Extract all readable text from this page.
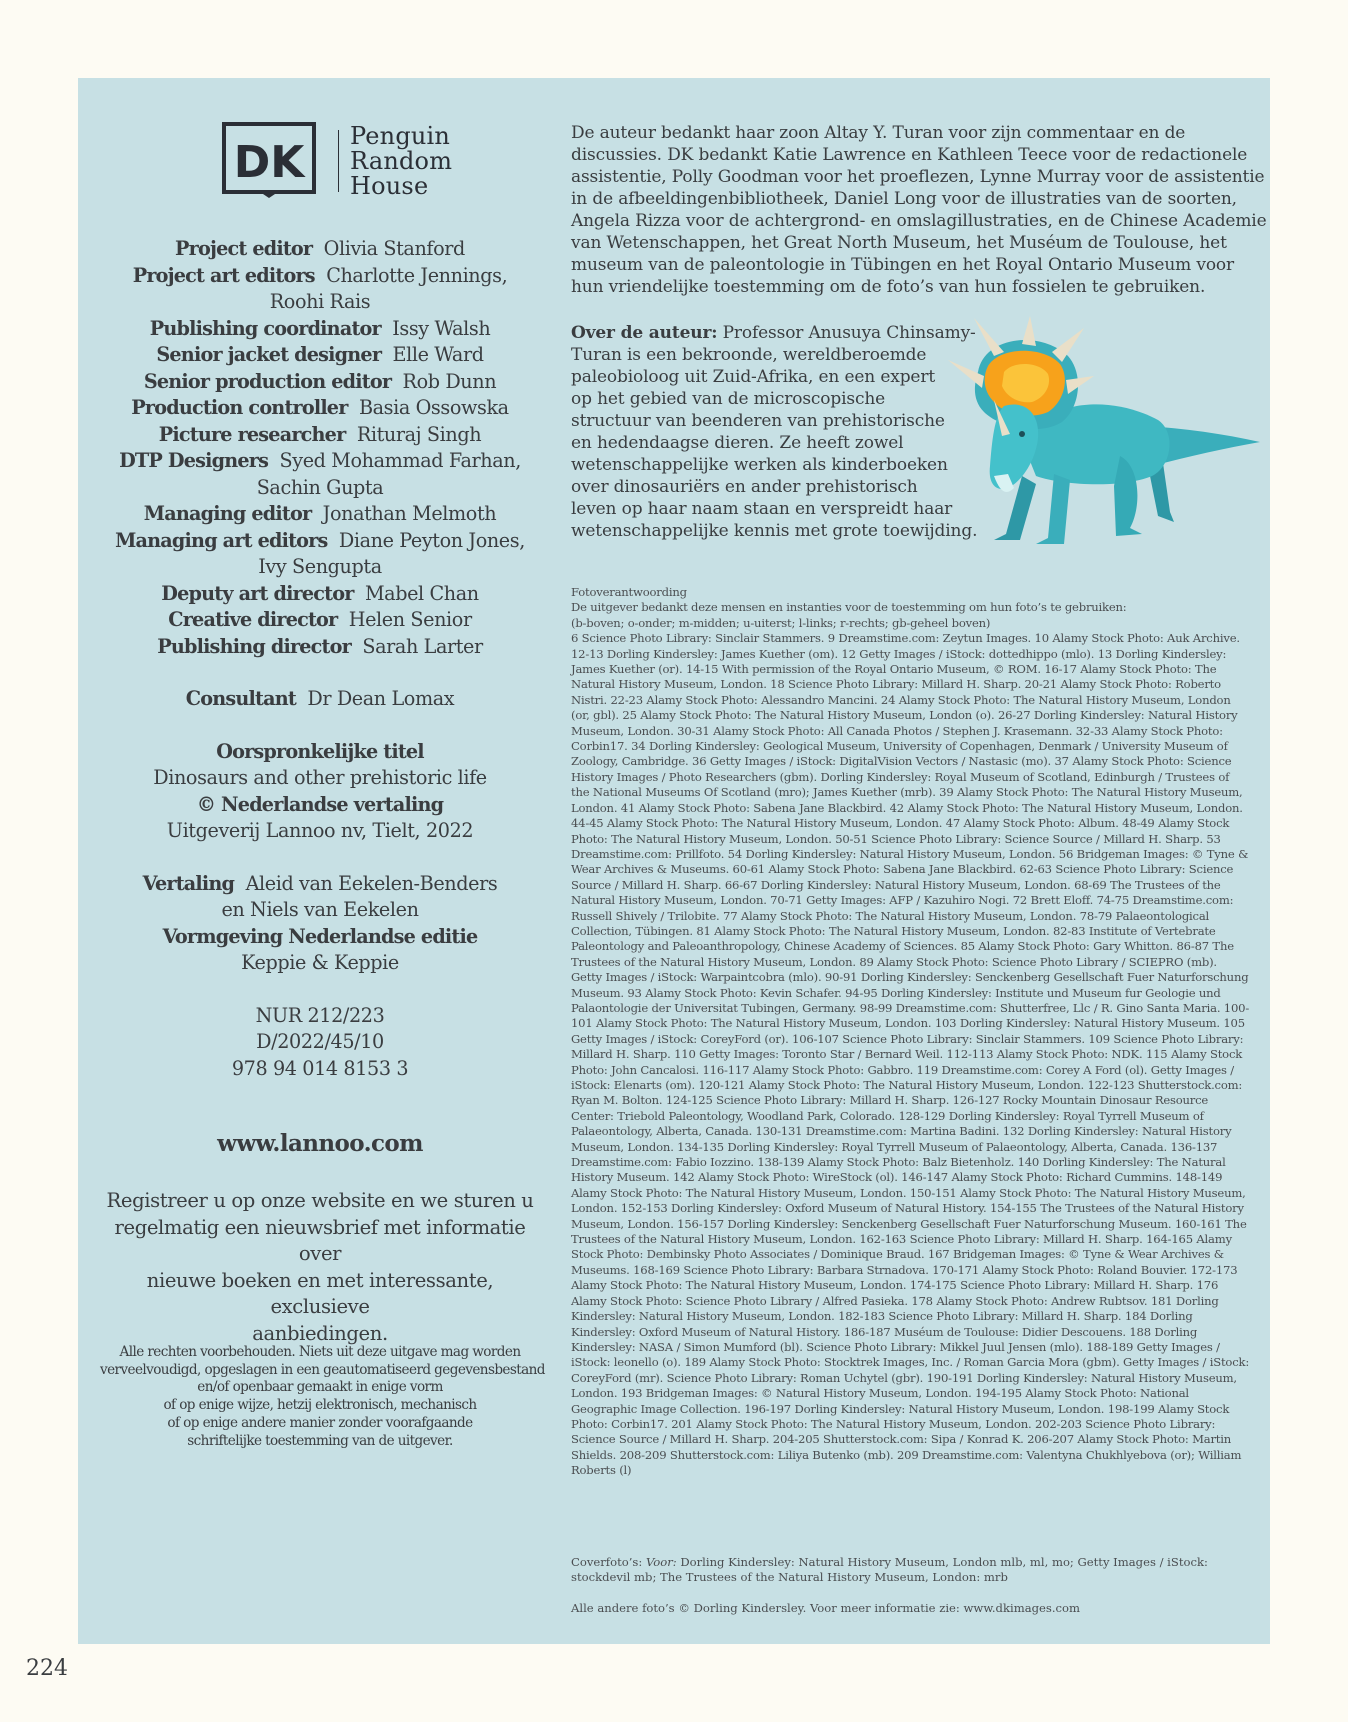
DK
Penguin
Random
House
Project editor Olivia Stanford
Project art editors Charlotte Jennings,
Roohi Rais
Publishing coordinator Issy Walsh
Senior jacket designer Elle Ward
Senior production editor Rob Dunn
Production controller Basia Ossowska
Picture researcher Rituraj Singh
DTP Designers Syed Mohammad Farhan,
Sachin Gupta
Managing editor Jonathan Melmoth
Managing art editors Diane Peyton Jones,
Ivy Sengupta
Deputy art director Mabel Chan
Creative director Helen Senior
Publishing director Sarah Larter
Consultant Dr Dean Lomax
Oorspronkelijke titel
Dinosaurs and other prehistoric life
© Nederlandse vertaling
Uitgeverij Lannoo nv, Tielt, 2022
Vertaling Aleid van Eekelen-Benders
en Niels van Eekelen
Vormgeving Nederlandse editie
Keppie & Keppie
NUR 212/223
D/2022/45/10
978 94 014 8153 3
www.lannoo.com
Registreer u op onze website en we sturen u
regelmatig een nieuwsbrief met informatie over
nieuwe boeken en met interessante, exclusieve
aanbiedingen.
Alle rechten voorbehouden. Niets uit deze uitgave mag worden
verveelvoudigd, opgeslagen in een geautomatiseerd gegevensbestand
en/of openbaar gemaakt in enige vorm
of op enige wijze, hetzij elektronisch, mechanisch
of op enige andere manier zonder voorafgaande
schriftelijke toestemming van de uitgever.
De auteur bedankt haar zoon Altay Y. Turan voor zijn commentaar en de
discussies. DK bedankt Katie Lawrence en Kathleen Teece voor de redactionele
assistentie, Polly Goodman voor het proeflezen, Lynne Murray voor de assistentie
in de afbeeldingenbibliotheek, Daniel Long voor de illustraties van de soorten,
Angela Rizza voor de achtergrond- en omslagillustraties, en de Chinese Academie
van Wetenschappen, het Great North Museum, het Muséum de Toulouse, het
museum van de paleontologie in Tübingen en het Royal Ontario Museum voor
hun vriendelijke toestemming om de foto’s van hun fossielen te gebruiken.
Over de auteur: Professor Anusuya Chinsamy-
Turan is een bekroonde, wereldberoemde
paleobioloog uit Zuid-Afrika, en een expert
op het gebied van de microscopische
structuur van beenderen van prehistorische
en hedendaagse dieren. Ze heeft zowel
wetenschappelijke werken als kinderboeken
over dinosauriërs en ander prehistorisch
leven op haar naam staan en verspreidt haar
wetenschappelijke kennis met grote toewijding.

Fotoverantwoording

De uitgever bedankt deze mensen en instanties voor de toestemming om hun foto’s te gebruiken:

(b-boven; o-onder; m-midden; u-uiterst; l-links; r-rechts; gb-geheel boven)

6 Science Photo Library: Sinclair Stammers. 9 Dreamstime.com: Zeytun Images. 10 Alamy Stock Photo: Auk Archive. 12-13 Dorling Kindersley: James Kuether (om). 12 Getty Images / iStock: dottedhippo (mlo). 13 Dorling Kindersley: James Kuether (or). 14-15 With permission of the Royal Ontario Museum, © ROM. 16-17 Alamy Stock Photo: The Natural History Museum, London. 18 Science Photo Library: Millard H. Sharp. 20-21 Alamy Stock Photo: Roberto Nistri. 22-23 Alamy Stock Photo: Alessandro Mancini. 24 Alamy Stock Photo: The Natural History Museum, London (or, gbl). 25 Alamy Stock Photo: The Natural History Museum, London (o). 26-27 Dorling Kindersley: Natural History Museum, London. 30-31 Alamy Stock Photo: All Canada Photos / Stephen J. Krasemann. 32-33 Alamy Stock Photo: Corbin17. 34 Dorling Kindersley: Geological Museum, University of Copenhagen, Denmark / University Museum of Zoology, Cambridge. 36 Getty Images / iStock: DigitalVision Vectors / Nastasic (mo). 37 Alamy Stock Photo: Science History Images / Photo Researchers (gbm). Dorling Kindersley: Royal Museum of Scotland, Edinburgh / Trustees of the National Museums Of Scotland (mro); James Kuether (mrb). 39 Alamy Stock Photo: The Natural History Museum, London. 41 Alamy Stock Photo: Sabena Jane Blackbird. 42 Alamy Stock Photo: The Natural History Museum, London. 44-45 Alamy Stock Photo: The Natural History Museum, London. 47 Alamy Stock Photo: Album. 48-49 Alamy Stock Photo: The Natural History Museum, London. 50-51 Science Photo Library: Science Source / Millard H. Sharp. 53 Dreamstime.com: Prillfoto. 54 Dorling Kindersley: Natural History Museum, London. 56 Bridgeman Images: © Tyne & Wear Archives & Museums. 60-61 Alamy Stock Photo: Sabena Jane Blackbird. 62-63 Science Photo Library: Science Source / Millard H. Sharp. 66-67 Dorling Kindersley: Natural History Museum, London. 68-69 The Trustees of the Natural History Museum, London. 70-71 Getty Images: AFP / Kazuhiro Nogi. 72 Brett Eloff. 74-75 Dreamstime.com: Russell Shively / Trilobite. 77 Alamy Stock Photo: The Natural History Museum, London. 78-79 Palaeontological Collection, Tübingen. 81 Alamy Stock Photo: The Natural History Museum, London. 82-83 Institute of Vertebrate Paleontology and Paleoanthropology, Chinese Academy of Sciences. 85 Alamy Stock Photo: Gary Whitton. 86-87 The Trustees of the Natural History Museum, London. 89 Alamy Stock Photo: Science Photo Library / SCIEPRO (mb). Getty Images / iStock: Warpaintcobra (mlo). 90-91 Dorling Kindersley: Senckenberg Gesellschaft Fuer Naturforschung Museum. 93 Alamy Stock Photo: Kevin Schafer. 94-95 Dorling Kindersley: Institute und Museum fur Geologie und Palaontologie der Universitat Tubingen, Germany. 98-99 Dreamstime.com: Shutterfree, Llc / R. Gino Santa Maria. 100-101 Alamy Stock Photo: The Natural History Museum, London. 103 Dorling Kindersley: Natural History Museum. 105 Getty Images / iStock: CoreyFord (or). 106-107 Science Photo Library: Sinclair Stammers. 109 Science Photo Library: Millard H. Sharp. 110 Getty Images: Toronto Star / Bernard Weil. 112-113 Alamy Stock Photo: NDK. 115 Alamy Stock Photo: John Cancalosi. 116-117 Alamy Stock Photo: Gabbro. 119 Dreamstime.com: Corey A Ford (ol). Getty Images / iStock: Elenarts (om). 120-121 Alamy Stock Photo: The Natural History Museum, London. 122-123 Shutterstock.com: Ryan M. Bolton. 124-125 Science Photo Library: Millard H. Sharp. 126-127 Rocky Mountain Dinosaur Resource Center: Triebold Paleontology, Woodland Park, Colorado. 128-129 Dorling Kindersley: Royal Tyrrell Museum of Palaeontology, Alberta, Canada. 130-131 Dreamstime.com: Martina Badini. 132 Dorling Kindersley: Natural History Museum, London. 134-135 Dorling Kindersley: Royal Tyrrell Museum of Palaeontology, Alberta, Canada. 136-137 Dreamstime.com: Fabio Iozzino. 138-139 Alamy Stock Photo: Balz Bietenholz. 140 Dorling Kindersley: The Natural History Museum. 142 Alamy Stock Photo: WireStock (ol). 146-147 Alamy Stock Photo: Richard Cummins. 148-149 Alamy Stock Photo: The Natural History Museum, London. 150-151 Alamy Stock Photo: The Natural History Museum, London. 152-153 Dorling Kindersley: Oxford Museum of Natural History. 154-155 The Trustees of the Natural History Museum, London. 156-157 Dorling Kindersley: Senckenberg Gesellschaft Fuer Naturforschung Museum. 160-161 The Trustees of the Natural History Museum, London. 162-163 Science Photo Library: Millard H. Sharp. 164-165 Alamy Stock Photo: Dembinsky Photo Associates / Dominique Braud. 167 Bridgeman Images: © Tyne & Wear Archives & Museums. 168-169 Science Photo Library: Barbara Strnadova. 170-171 Alamy Stock Photo: Roland Bouvier. 172-173 Alamy Stock Photo: The Natural History Museum, London. 174-175 Science Photo Library: Millard H. Sharp. 176 Alamy Stock Photo: Science Photo Library / Alfred Pasieka. 178 Alamy Stock Photo: Andrew Rubtsov. 181 Dorling Kindersley: Natural History Museum, London. 182-183 Science Photo Library: Millard H. Sharp. 184 Dorling Kindersley: Oxford Museum of Natural History. 186-187 Muséum de Toulouse: Didier Descouens. 188 Dorling Kindersley: NASA / Simon Mumford (bl). Science Photo Library: Mikkel Juul Jensen (mlo). 188-189 Getty Images / iStock: leonello (o). 189 Alamy Stock Photo: Stocktrek Images, Inc. / Roman Garcia Mora (gbm). Getty Images / iStock: CoreyFord (mr). Science Photo Library: Roman Uchytel (gbr). 190-191 Dorling Kindersley: Natural History Museum, London. 193 Bridgeman Images: © Natural History Museum, London. 194-195 Alamy Stock Photo: National Geographic Image Collection. 196-197 Dorling Kindersley: Natural History Museum, London. 198-199 Alamy Stock Photo: Corbin17. 201 Alamy Stock Photo: The Natural History Museum, London. 202-203 Science Photo Library: Science Source / Millard H. Sharp. 204-205 Shutterstock.com: Sipa / Konrad K. 206-207 Alamy Stock Photo: Martin Shields. 208-209 Shutterstock.com: Liliya Butenko (mb). 209 Dreamstime.com: Valentyna Chukhlyebova (or); William Roberts (l)

Coverfoto’s: Voor: Dorling Kindersley: Natural History Museum, London mlb, ml, mo; Getty Images / iStock: stockdevil mb; The Trustees of the Natural History Museum, London: mrb
Alle andere foto’s © Dorling Kindersley. Voor meer informatie zie: www.dkimages.com
224
